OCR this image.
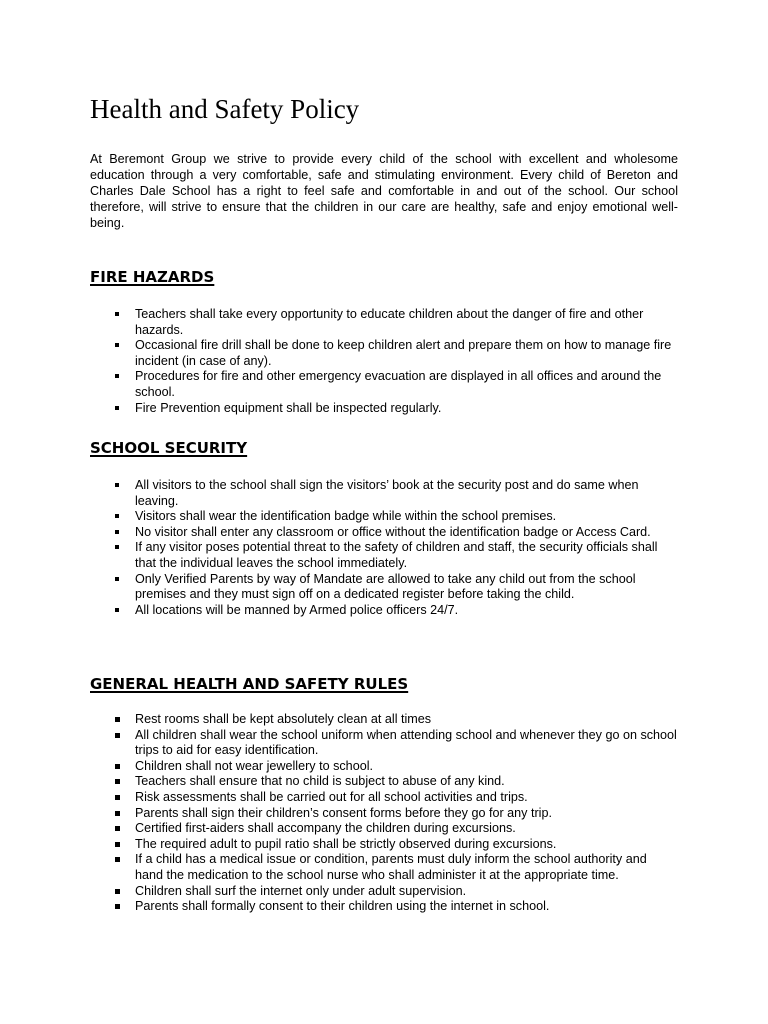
Health and Safety Policy

At Beremont Group we strive to provide every child of the school with excellent and wholesome education through a very comfortable, safe and stimulating environment. Every child of Bereton and Charles Dale School has a right to feel safe and comfortable in and out of the school. Our school therefore, will strive to ensure that the children in our care are healthy, safe and enjoy emotional well-being.

FIRE HAZARDS
Teachers shall take every opportunity to educate children about the danger of fire and other hazards.
Occasional fire drill shall be done to keep children alert and prepare them on how to manage fire incident (in case of any).
Procedures for fire and other emergency evacuation are displayed in all offices and around the school.
Fire Prevention equipment shall be inspected regularly.
SCHOOL SECURITY
All visitors to the school shall sign the visitors’ book at the security post and do same when leaving.
Visitors shall wear the identification badge while within the school premises.
No visitor shall enter any classroom or office without the identification badge or Access Card.
If any visitor poses potential threat to the safety of children and staff, the security officials shall that the individual leaves the school immediately.
Only Verified Parents by way of Mandate are allowed to take any child out from the school premises and they must sign off on a dedicated register before taking the child.
All locations will be manned by Armed police officers 24/7.
GENERAL HEALTH AND SAFETY RULES
Rest rooms shall be kept absolutely clean at all times
All children shall wear the school uniform when attending school and whenever they go on school trips to aid for easy identification.
Children shall not wear jewellery to school.
Teachers shall ensure that no child is subject to abuse of any kind.
Risk assessments shall be carried out for all school activities and trips.
Parents shall sign their children’s consent forms before they go for any trip.
Certified first-aiders shall accompany the children during excursions.
The required adult to pupil ratio shall be strictly observed during excursions.
If a child has a medical issue or condition, parents must duly inform the school authority and hand the medication to the school nurse who shall administer it at the appropriate time.
Children shall surf the internet only under adult supervision.
Parents shall formally consent to their children using the internet in school.
